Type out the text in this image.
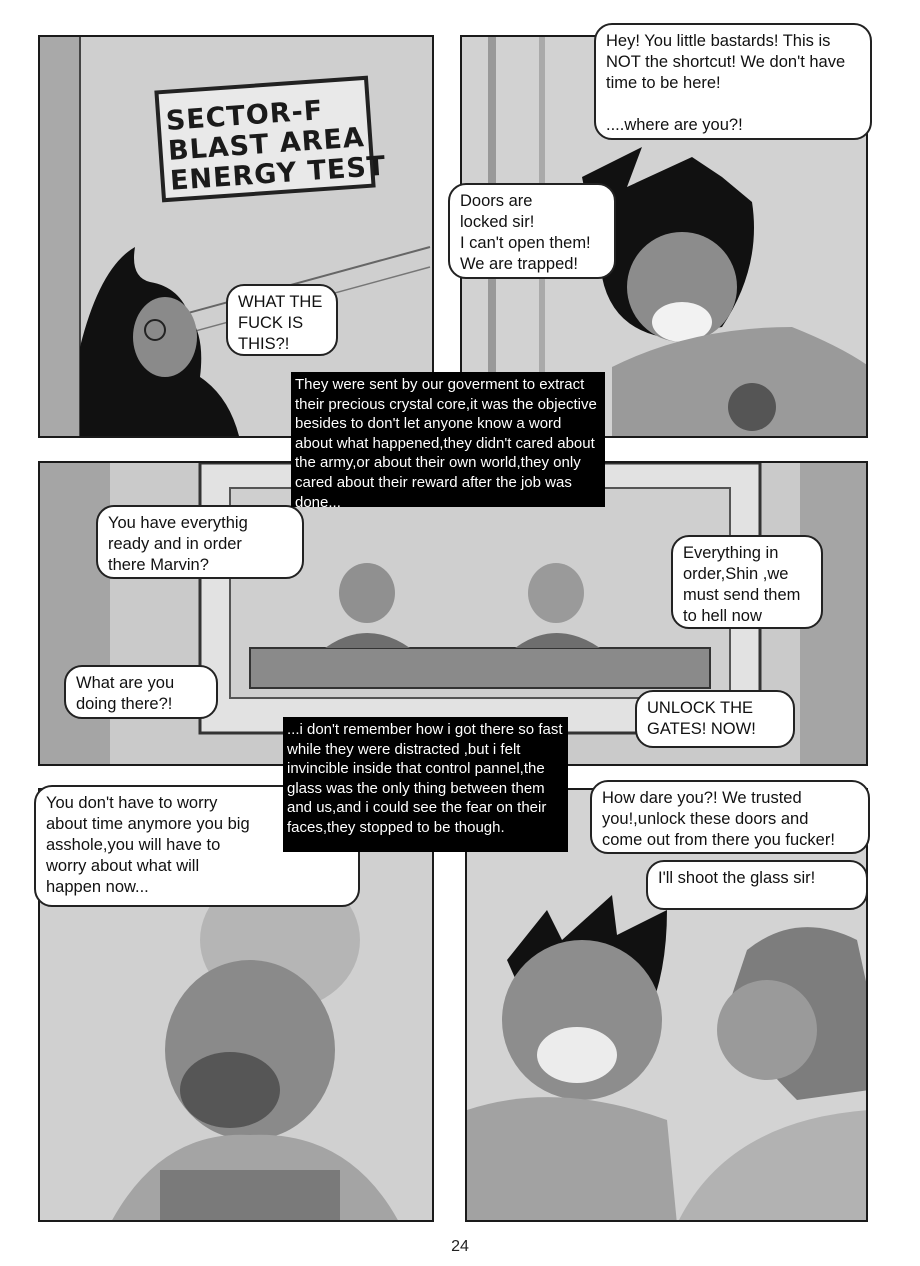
SECTOR-F
BLAST AREA
ENERGY TEST
WHAT THE
FUCK IS
THIS?!
Hey! You little bastards! This is NOT the shortcut! We don't have time to be here!

....where are you?!
Doors are
locked sir!
I can't open them!
We are trapped!
They were sent by our goverment to extract their precious crystal core,it was the objective besides to don't let anyone know a word about what happened,they didn't cared about the army,or about their own world,they only cared about their reward after the job was done...
You have everythig
ready and in order
there Marvin?
Everything in
order,Shin ,we
must send them
to hell now
What are you
doing there?!	UNLOCK THE
GATES! NOW!
...i don't remember how i got there so fast while they were distracted ,but i felt invincible inside that control pannel,the glass was the only thing between them and us,and i could see the fear on their faces,they stopped to be though.
You don't have to worry
about time anymore you big
asshole,you will have to
worry about what will
happen now...
How dare you?! We trusted
you!,unlock these doors and
come out from there you fucker!
I'll shoot the glass sir!
24
